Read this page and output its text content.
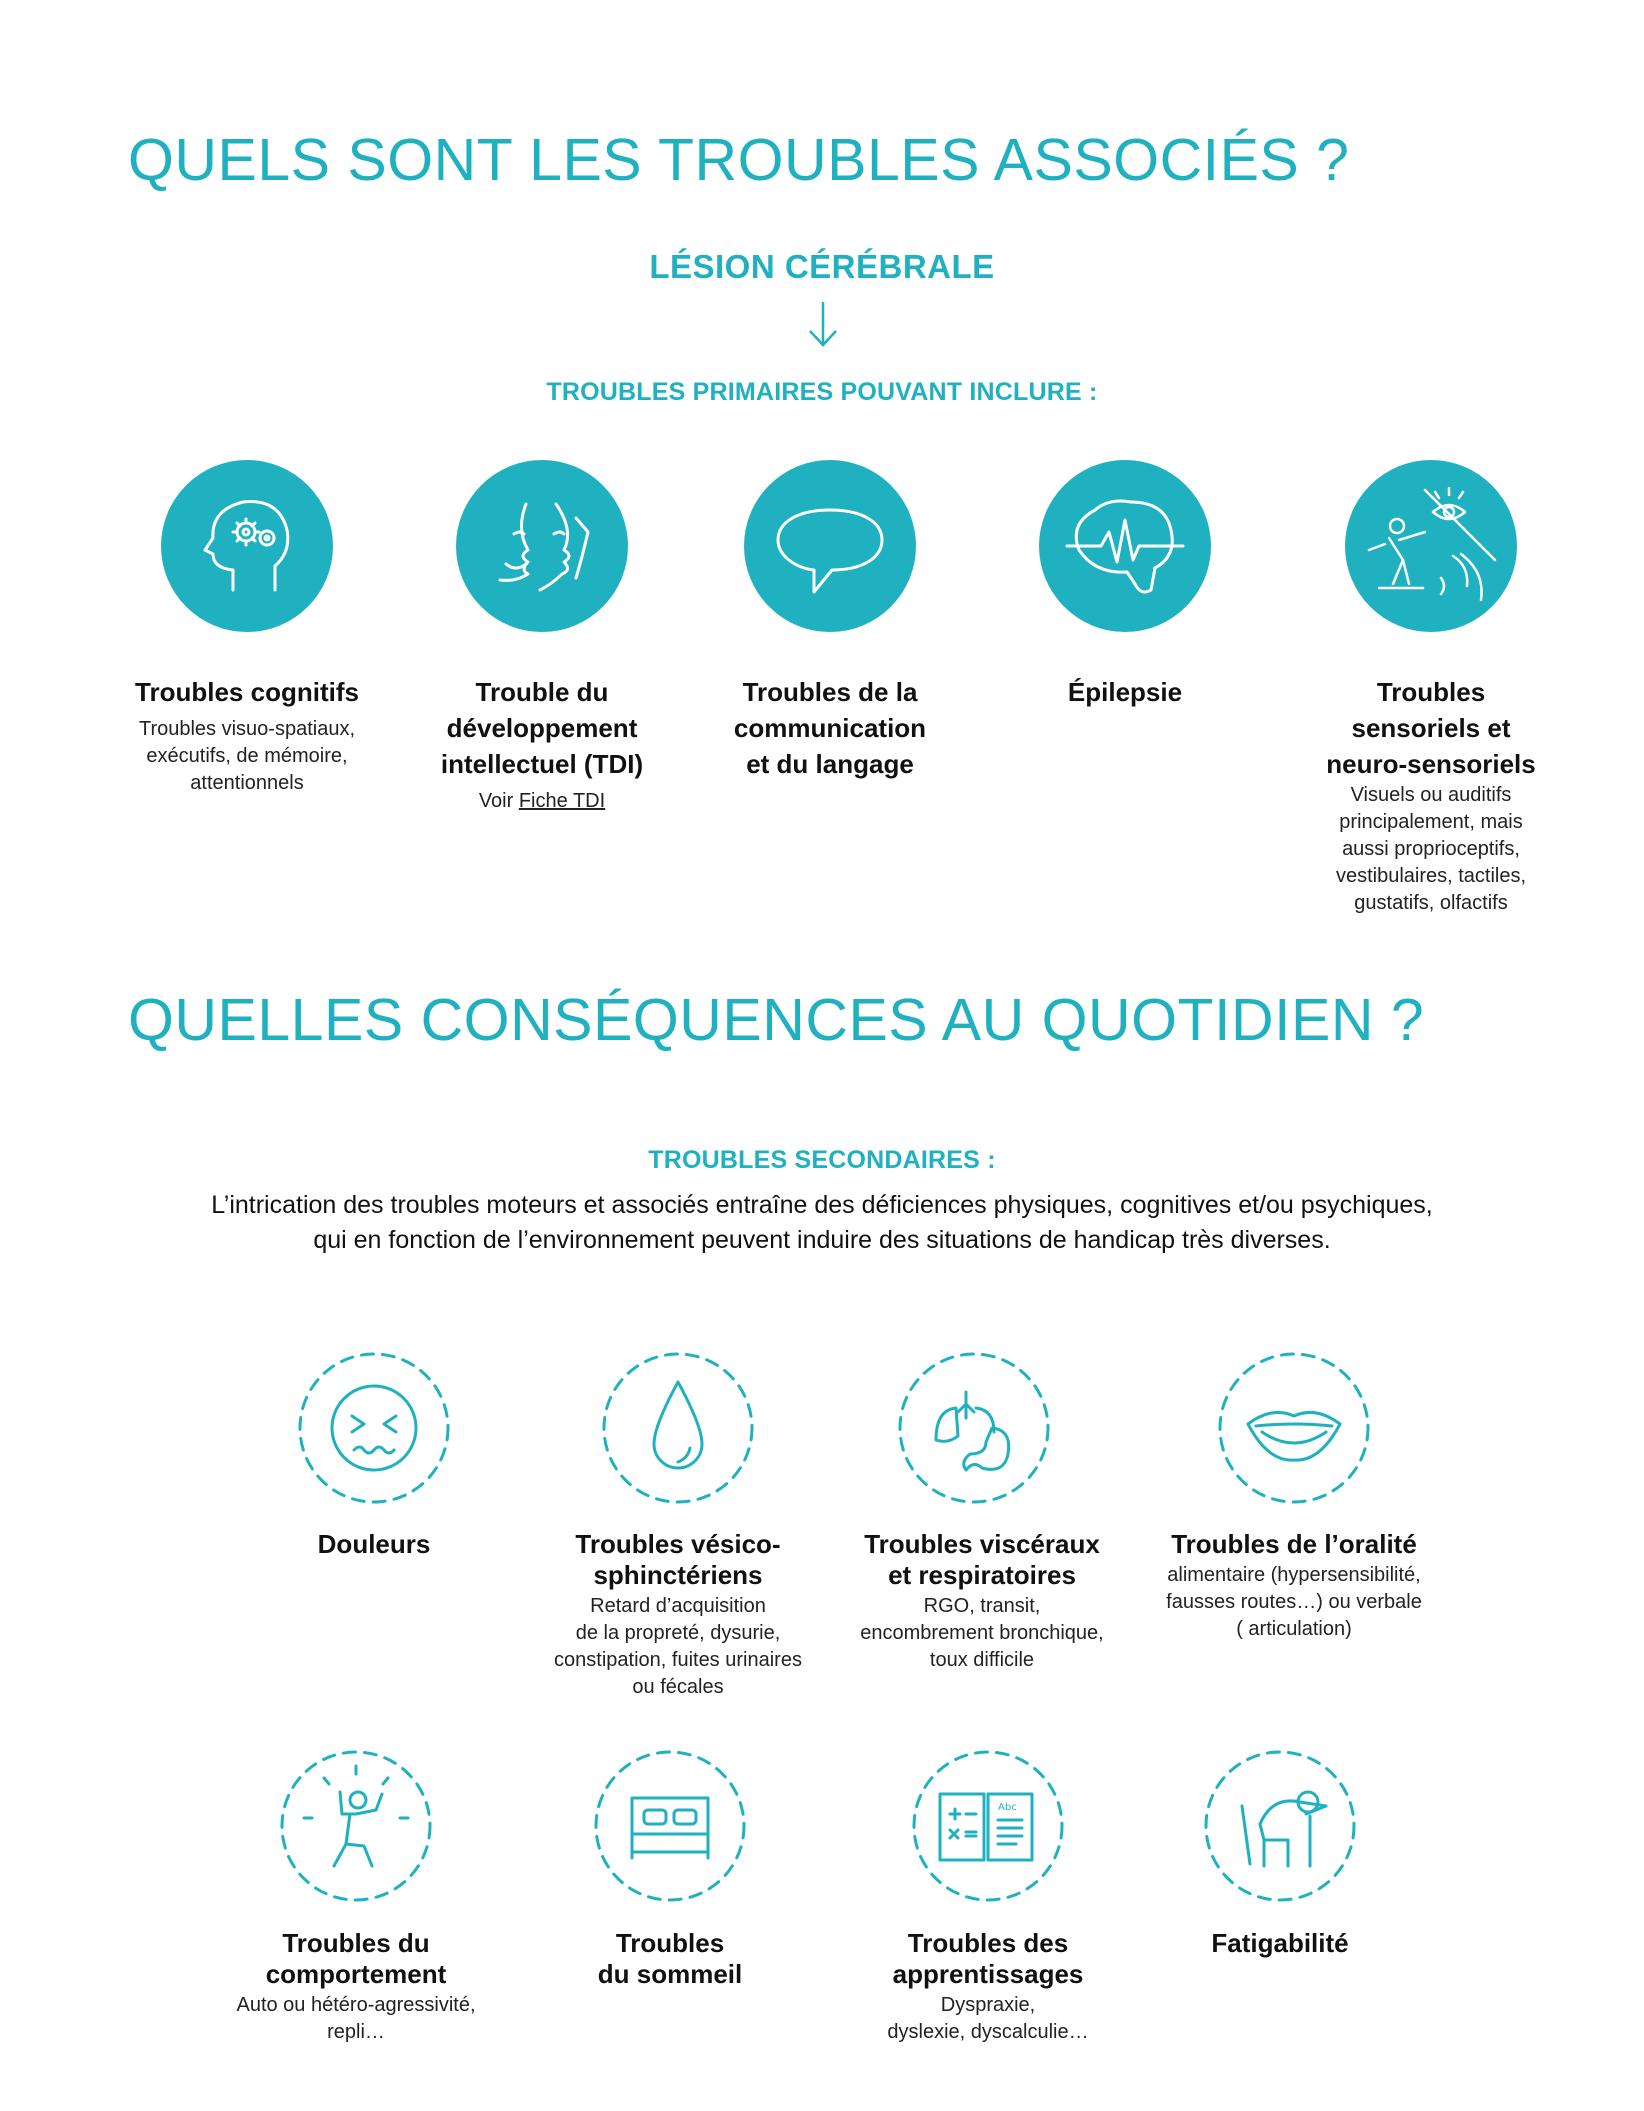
QUELS SONT LES TROUBLES ASSOCIÉS ?
LÉSION CÉRÉBRALE
TROUBLES PRIMAIRES POUVANT INCLURE :
Troubles cognitifs
Troubles visuo-spatiaux,
exécutifs, de mémoire,
attentionnels
Trouble du
développement
intellectuel (TDI)
Voir Fiche TDI
Troubles de la
communication
et du langage
Épilepsie	Troubles
sensoriels et
neuro-sensoriels
Visuels ou auditifs
principalement, mais
aussi proprioceptifs,
vestibulaires, tactiles,
gustatifs, olfactifs
QUELLES CONSÉQUENCES AU QUOTIDIEN ?
TROUBLES SECONDAIRES :
L’intrication des troubles moteurs et associés entraîne des déficiences physiques, cognitives et/ou psychiques,
qui en fonction de l’environnement peuvent induire des situations de handicap très diverses.
Douleurs	Troubles vésico-
sphinctériens
Retard d’acquisition
de la propreté, dysurie,
constipation, fuites urinaires
ou fécales
Troubles viscéraux
et respiratoires
RGO, transit,
encombrement bronchique,
toux difficile
Troubles de l’oralité
alimentaire (hypersensibilité,
fausses routes…) ou verbale
( articulation)
Abc
Troubles du
comportement
Auto ou hétéro-agressivité,
repli…
Troubles
du sommeil
Troubles des
apprentissages
Dyspraxie,
dyslexie, dyscalculie…
Fatigabilité
